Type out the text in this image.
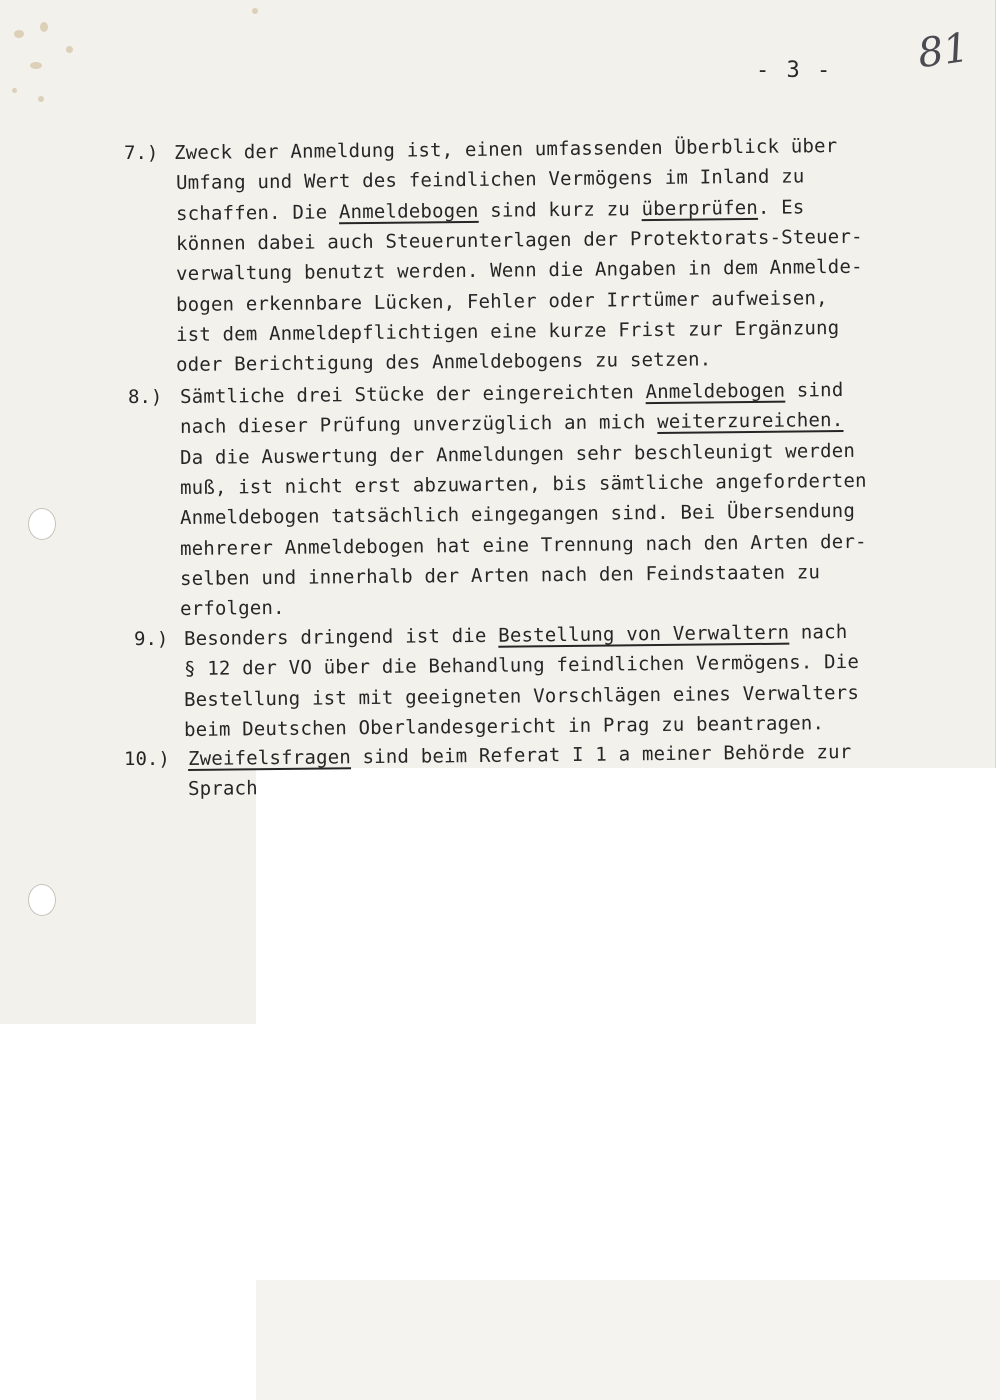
81
- 3 -
7.) Zweck der Anmeldung ist, einen umfassenden Überblick über
Umfang und Wert des feindlichen Vermögens im Inland zu
schaffen. Die Anmeldebogen sind kurz zu überprüfen. Es
können dabei auch Steuerunterlagen der Protektorats-Steuer-
verwaltung benutzt werden. Wenn die Angaben in dem Anmelde-
bogen erkennbare Lücken, Fehler oder Irrtümer aufweisen,
ist dem Anmeldepflichtigen eine kurze Frist zur Ergänzung
oder Berichtigung des Anmeldebogens zu setzen.
8.) Sämtliche drei Stücke der eingereichten Anmeldebogen sind
nach dieser Prüfung unverzüglich an mich weiterzureichen.
Da die Auswertung der Anmeldungen sehr beschleunigt werden
muß, ist nicht erst abzuwarten, bis sämtliche angeforderten
Anmeldebogen tatsächlich eingegangen sind. Bei Übersendung
mehrerer Anmeldebogen hat eine Trennung nach den Arten der-
selben und innerhalb der Arten nach den Feindstaaten zu
erfolgen.
9.) Besonders dringend ist die Bestellung von Verwaltern nach
§ 12 der VO über die Behandlung feindlichen Vermögens. Die
Bestellung ist mit geeigneten Vorschlägen eines Verwalters
beim Deutschen Oberlandesgericht in Prag zu beantragen.
10.) Zweifelsfragen sind beim Referat I 1 a meiner Behörde zur
Sprach
